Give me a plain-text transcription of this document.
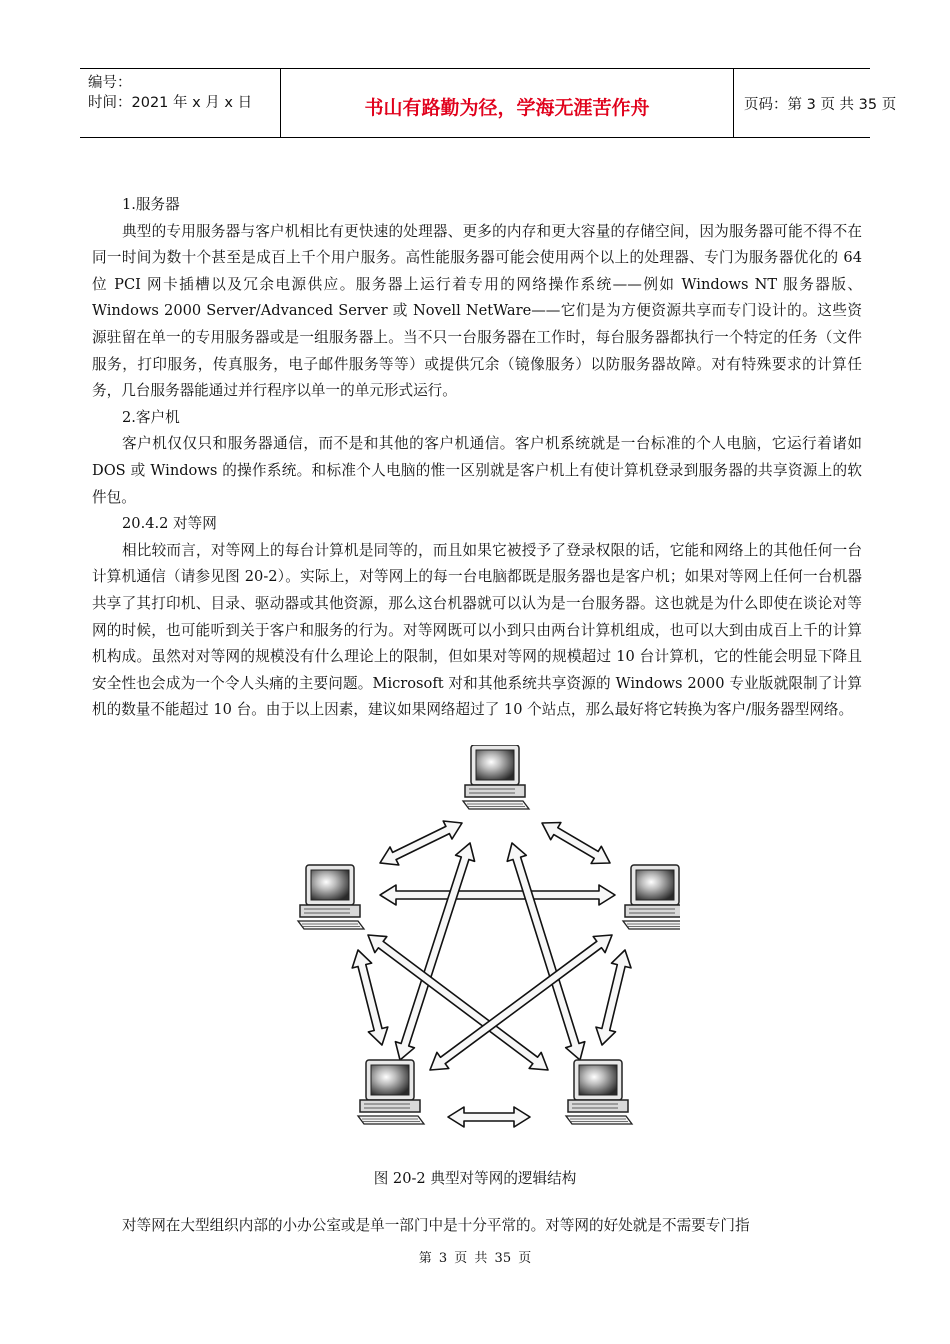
编号：
时间：2021 年 x 月 x 日	书山有路勤为径，学海无涯苦作舟	页码：第 3 页 共 35 页

1.服务器

典型的专用服务器与客户机相比有更快速的处理器、更多的内存和更大容量的存储空间，因为服务器可能不得不在同一时间为数十个甚至是成百上千个用户服务。高性能服务器可能会使用两个以上的处理器、专门为服务器优化的 64 位 PCI 网卡插槽以及冗余电源供应。服务器上运行着专用的网络操作系统——例如 Windows NT 服务器版、Windows 2000 Server/Advanced Server 或 Novell NetWare——它们是为方便资源共享而专门设计的。这些资源驻留在单一的专用服务器或是一组服务器上。当不只一台服务器在工作时，每台服务器都执行一个特定的任务（文件服务，打印服务，传真服务，电子邮件服务等等）或提供冗余（镜像服务）以防服务器故障。对有特殊要求的计算任务，几台服务器能通过并行程序以单一的单元形式运行。

2.客户机

客户机仅仅只和服务器通信，而不是和其他的客户机通信。客户机系统就是一台标准的个人电脑，它运行着诸如 DOS 或 Windows 的操作系统。和标准个人电脑的惟一区别就是客户机上有使计算机登录到服务器的共享资源上的软件包。

20.4.2 对等网

相比较而言，对等网上的每台计算机是同等的，而且如果它被授予了登录权限的话，它能和网络上的其他任何一台计算机通信（请参见图 20-2）。实际上，对等网上的每一台电脑都既是服务器也是客户机；如果对等网上任何一台机器共享了其打印机、目录、驱动器或其他资源，那么这台机器就可以认为是一台服务器。这也就是为什么即使在谈论对等网的时候，也可能听到关于客户和服务的行为。对等网既可以小到只由两台计算机组成，也可以大到由成百上千的计算机构成。虽然对对等网的规模没有什么理论上的限制，但如果对等网的规模超过 10 台计算机，它的性能会明显下降且安全性也会成为一个令人头痛的主要问题。Microsoft 对和其他系统共享资源的 Windows 2000 专业版就限制了计算机的数量不能超过 10 台。由于以上因素，建议如果网络超过了 10 个站点，那么最好将它转换为客户/服务器型网络。

图 20-2 典型对等网的逻辑结构
对等网在大型组织内部的小办公室或是单一部门中是十分平常的。对等网的好处就是不需要专门指
第 3 页 共 35 页
